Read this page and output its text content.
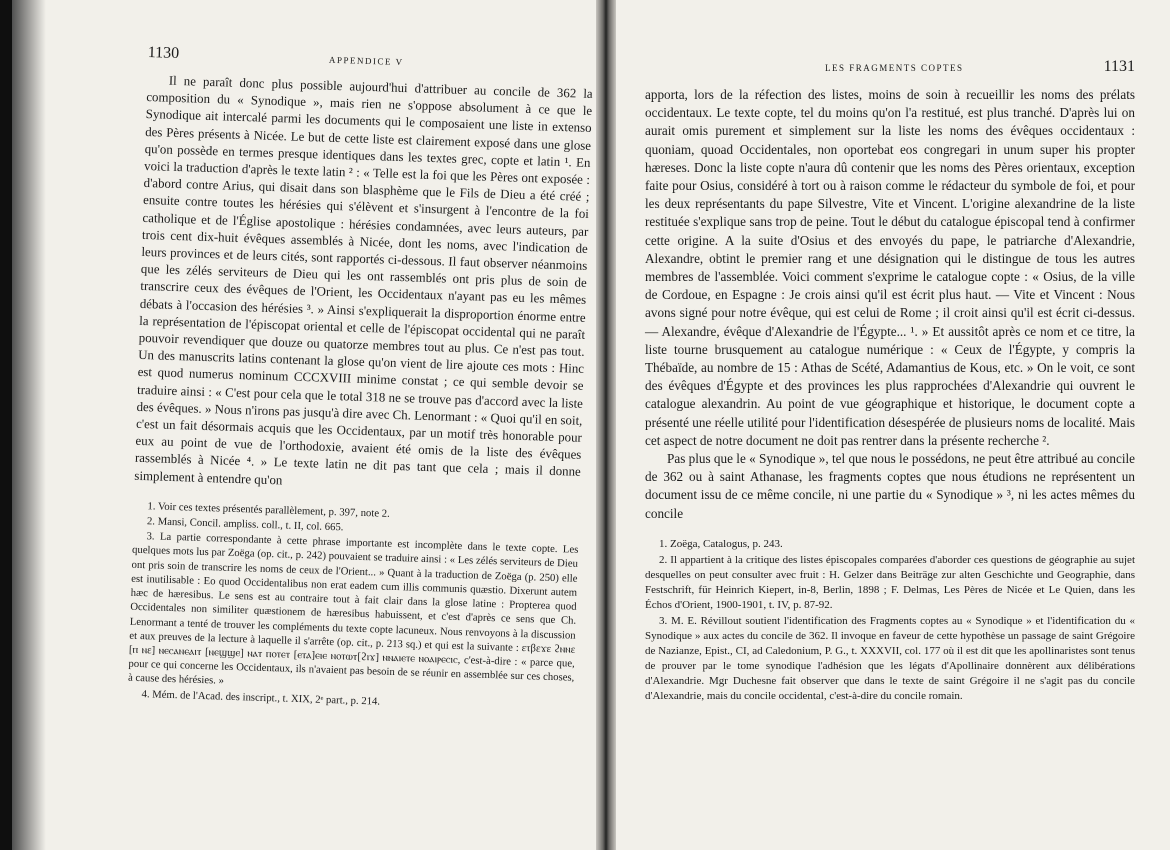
1130	APPENDICE V

Il ne paraît donc plus possible aujourd'hui d'attribuer au concile de 362 la composition du « Synodique », mais rien ne s'oppose absolument à ce que le Synodique ait intercalé parmi les documents qui le composaient une liste in extenso des Pères présents à Nicée. Le but de cette liste est clairement exposé dans une glose qu'on possède en termes presque identiques dans les textes grec, copte et latin ¹. En voici la traduction d'après le texte latin ² : « Telle est la foi que les Pères ont exposée : d'abord contre Arius, qui disait dans son blasphème que le Fils de Dieu a été créé ; ensuite contre toutes les hérésies qui s'élèvent et s'insurgent à l'encontre de la foi catholique et de l'Église apostolique : hérésies condamnées, avec leurs auteurs, par trois cent dix-huit évêques assemblés à Nicée, dont les noms, avec l'indication de leurs provinces et de leurs cités, sont rapportés ci-dessous. Il faut observer néanmoins que les zélés serviteurs de Dieu qui les ont rassemblés ont pris plus de soin de transcrire ceux des évêques de l'Orient, les Occidentaux n'ayant pas eu les mêmes débats à l'occasion des hérésies ³. » Ainsi s'expliquerait la disproportion énorme entre la représentation de l'épiscopat oriental et celle de l'épiscopat occidental qui ne paraît pouvoir revendiquer que douze ou quatorze membres tout au plus. Ce n'est pas tout. Un des manuscrits latins contenant la glose qu'on vient de lire ajoute ces mots : Hinc est quod numerus nominum CCCXVIII minime constat ; ce qui semble devoir se traduire ainsi : « C'est pour cela que le total 318 ne se trouve pas d'accord avec la liste des évêques. » Nous n'irons pas jusqu'à dire avec Ch. Lenormant : « Quoi qu'il en soit, c'est un fait désormais acquis que les Occidentaux, par un motif très honorable pour eux au point de vue de l'orthodoxie, avaient été omis de la liste des évêques rassemblés à Nicée ⁴. » Le texte latin ne dit pas tant que cela ; mais il donne simplement à entendre qu'on

1. Voir ces textes présentés parallèlement, p. 397, note 2.

2. Mansi, Concil. ampliss. coll., t. II, col. 665.

3. La partie correspondante à cette phrase importante est incomplète dans le texte copte. Les quelques mots lus par Zoëga (op. cit., p. 242) pouvaient se traduire ainsi : « Les zélés serviteurs de Dieu ont pris soin de transcrire les noms de ceux de l'Orient... » Quant à la traduction de Zoëga (p. 250) elle est inutilisable : Eo quod Occidentalibus non erat eadem cum illis communis quæstio. Dixerunt autem hæc de hæresibus. Le sens est au contraire tout à fait clair dans la glose latine : Propterea quod Occidentales non similiter quæstionem de hæresibus habuissent, et c'est d'après ce sens que Ch. Lenormant a tenté de trouver les compléments du texte copte lacuneux. Nous renvoyons à la discussion et aux preuves de la lecture à laquelle il s'arrête (op. cit., p. 213 sq.) et qui est la suivante : ετβεϫε ϩⲛⲛε [ⲡ ⲛε] ⲛⲉⲥⲁⲛⲉⲁⲓⲧ [ⲛⲉϣϣⲉ] ⲛⲁⲧ ⲡⲟⲧⲉⲧ [ⲉⲧⲁ]ⲉⲓⲉ ⲛⲟⲧⲱⲧ[ϩⲓϫ] ⲛⲛⲁⲓⲉⲧⲉ ⲛⲟⲁⲓⲣⲉⲥⲓⲥ, c'est-à-dire : « parce que, pour ce qui concerne les Occidentaux, ils n'avaient pas besoin de se réunir en assemblée sur ces choses, à cause des hérésies. »

4. Mém. de l'Acad. des inscript., t. XIX, 2ᵉ part., p. 214.

LES FRAGMENTS COPTES	1131

apporta, lors de la réfection des listes, moins de soin à recueillir les noms des prélats occidentaux. Le texte copte, tel du moins qu'on l'a restitué, est plus tranché. D'après lui on aurait omis purement et simplement sur la liste les noms des évêques occidentaux : quoniam, quoad Occidentales, non oportebat eos congregari in unum super his propter hæreses. Donc la liste copte n'aura dû contenir que les noms des Pères orientaux, exception faite pour Osius, considéré à tort ou à raison comme le rédacteur du symbole de foi, et pour les deux représentants du pape Silvestre, Vite et Vincent. L'origine alexandrine de la liste restituée s'explique sans trop de peine. Tout le début du catalogue épiscopal tend à confirmer cette origine. A la suite d'Osius et des envoyés du pape, le patriarche d'Alexandrie, Alexandre, obtint le premier rang et une désignation qui le distingue de tous les autres membres de l'assemblée. Voici comment s'exprime le catalogue copte : « Osius, de la ville de Cordoue, en Espagne : Je crois ainsi qu'il est écrit plus haut. — Vite et Vincent : Nous avons signé pour notre évêque, qui est celui de Rome ; il croit ainsi qu'il est écrit ci-dessus. — Alexandre, évêque d'Alexandrie de l'Égypte... ¹. » Et aussitôt après ce nom et ce titre, la liste tourne brusquement au catalogue numérique : « Ceux de l'Égypte, y compris la Thébaïde, au nombre de 15 : Athas de Scété, Adamantius de Kous, etc. » On le voit, ce sont des évêques d'Égypte et des provinces les plus rapprochées d'Alexandrie qui ouvrent le catalogue alexandrin. Au point de vue géographique et historique, le document copte a présenté une réelle utilité pour l'identification désespérée de plusieurs noms de localité. Mais cet aspect de notre document ne doit pas rentrer dans la présente recherche ².

Pas plus que le « Synodique », tel que nous le possédons, ne peut être attribué au concile de 362 ou à saint Athanase, les fragments coptes que nous étudions ne représentent un document issu de ce même concile, ni une partie du « Synodique » ³, ni les actes mêmes du concile

1. Zoëga, Catalogus, p. 243.

2. Il appartient à la critique des listes épiscopales comparées d'aborder ces questions de géographie au sujet desquelles on peut consulter avec fruit : H. Gelzer dans Beiträge zur alten Geschichte und Geographie, dans Festschrift, für Heinrich Kiepert, in-8, Berlin, 1898 ; F. Delmas, Les Pères de Nicée et Le Quien, dans les Échos d'Orient, 1900-1901, t. IV, p. 87-92.

3. M. E. Révillout soutient l'identification des Fragments coptes au « Synodique » et l'identification du « Synodique » aux actes du concile de 362. Il invoque en faveur de cette hypothèse un passage de saint Grégoire de Nazianze, Epist., CI, ad Caledonium, P. G., t. XXXVII, col. 177 où il est dit que les apollinaristes sont tenus de prouver par le tome synodique l'adhésion que les légats d'Apollinaire donnèrent aux délibérations d'Alexandrie. Mgr Duchesne fait observer que dans le texte de saint Grégoire il ne s'agit pas du concile d'Alexandrie, mais du concile occidental, c'est-à-dire du concile romain.
